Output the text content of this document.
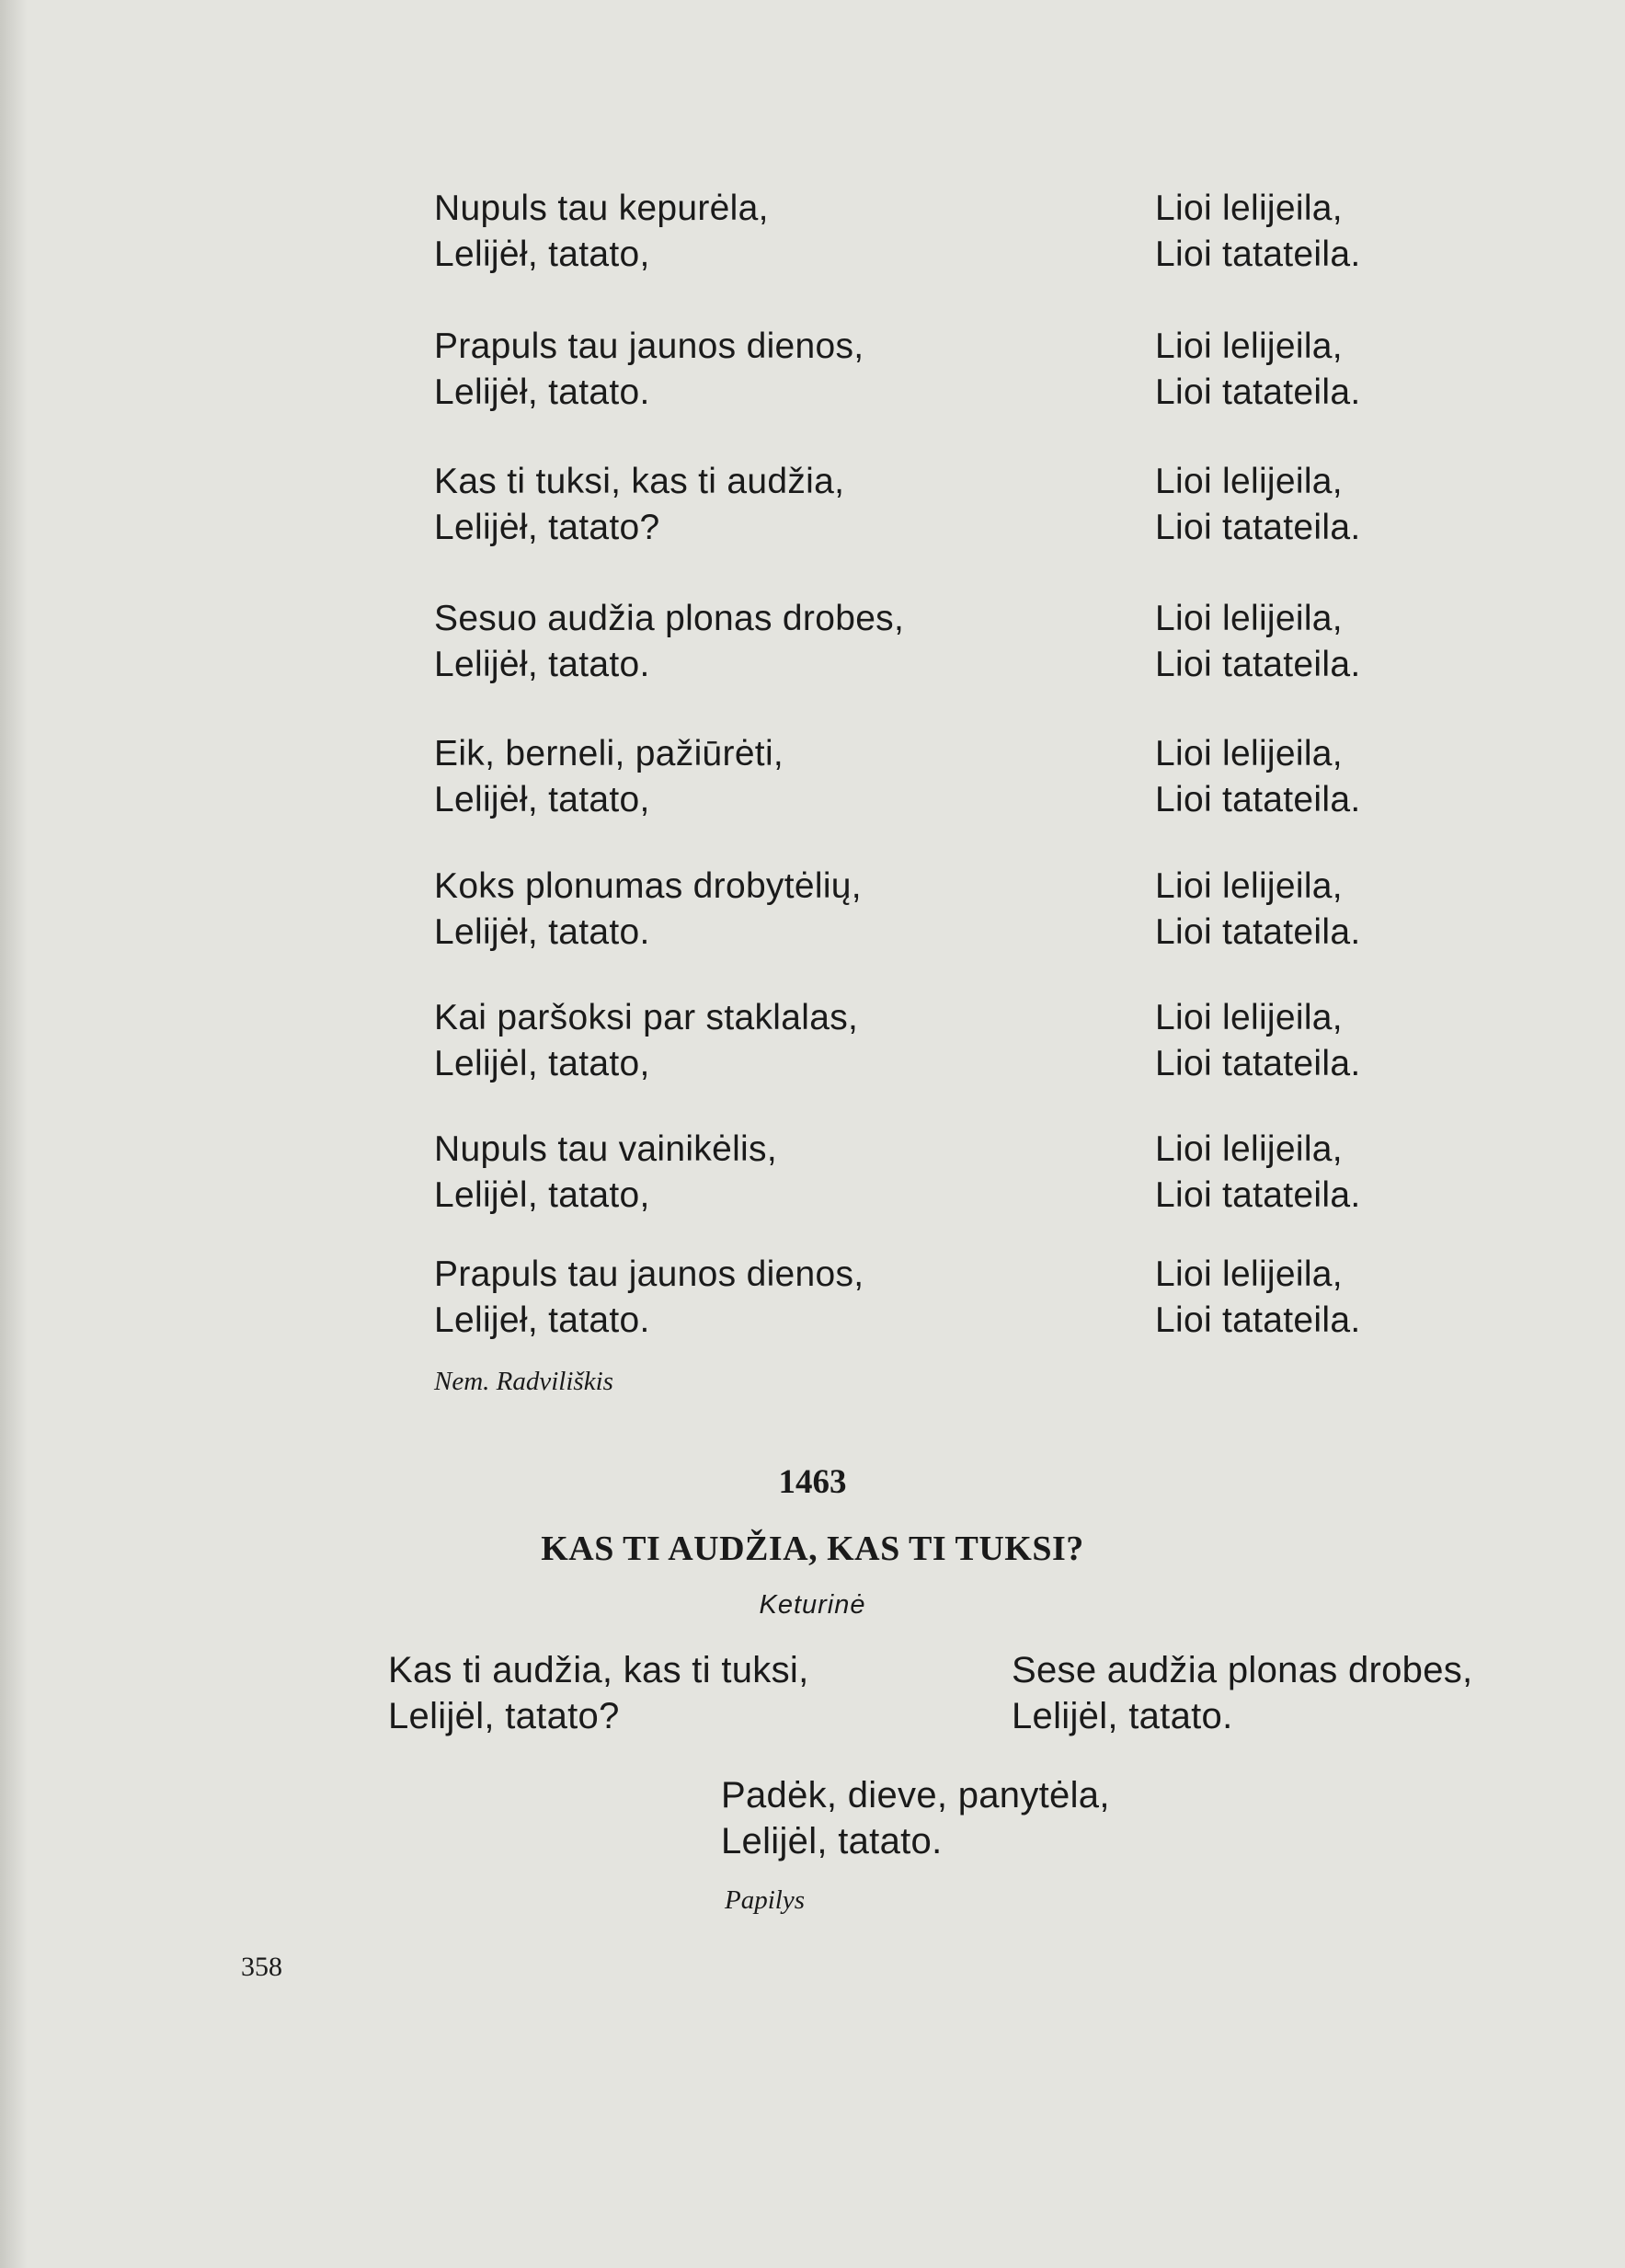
Nupuls tau kepurėla,
Lelijėł, tatato,
Lioi lelijeila,
Lioi tatateila.
Prapuls tau jaunos dienos,
Lelijėł, tatato.
Lioi lelijeila,
Lioi tatateila.
Kas ti tuksi, kas ti audžia,
Lelijėł, tatato?
Lioi lelijeila,
Lioi tatateila.
Sesuo audžia plonas drobes,
Lelijėł, tatato.
Lioi lelijeila,
Lioi tatateila.
Eik, berneli, pažiūrėti,
Lelijėł, tatato,
Lioi lelijeila,
Lioi tatateila.
Koks plonumas drobytėlių,
Lelijėł, tatato.
Lioi lelijeila,
Lioi tatateila.
Kai paršoksi par staklalas,
Lelijėl, tatato,
Lioi lelijeila,
Lioi tatateila.
Nupuls tau vainikėlis,
Lelijėl, tatato,
Lioi lelijeila,
Lioi tatateila.
Prapuls tau jaunos dienos,
Lelijeł, tatato.
Lioi lelijeila,
Lioi tatateila.
Nem. Radviliškis
1463
KAS TI AUDŽIA, KAS TI TUKSI?
Keturinė
Kas ti audžia, kas ti tuksi,
Lelijėl, tatato?
Sese audžia plonas drobes,
Lelijėl, tatato.
Padėk, dieve, panytėla,
Lelijėl, tatato.
Papilys
358
